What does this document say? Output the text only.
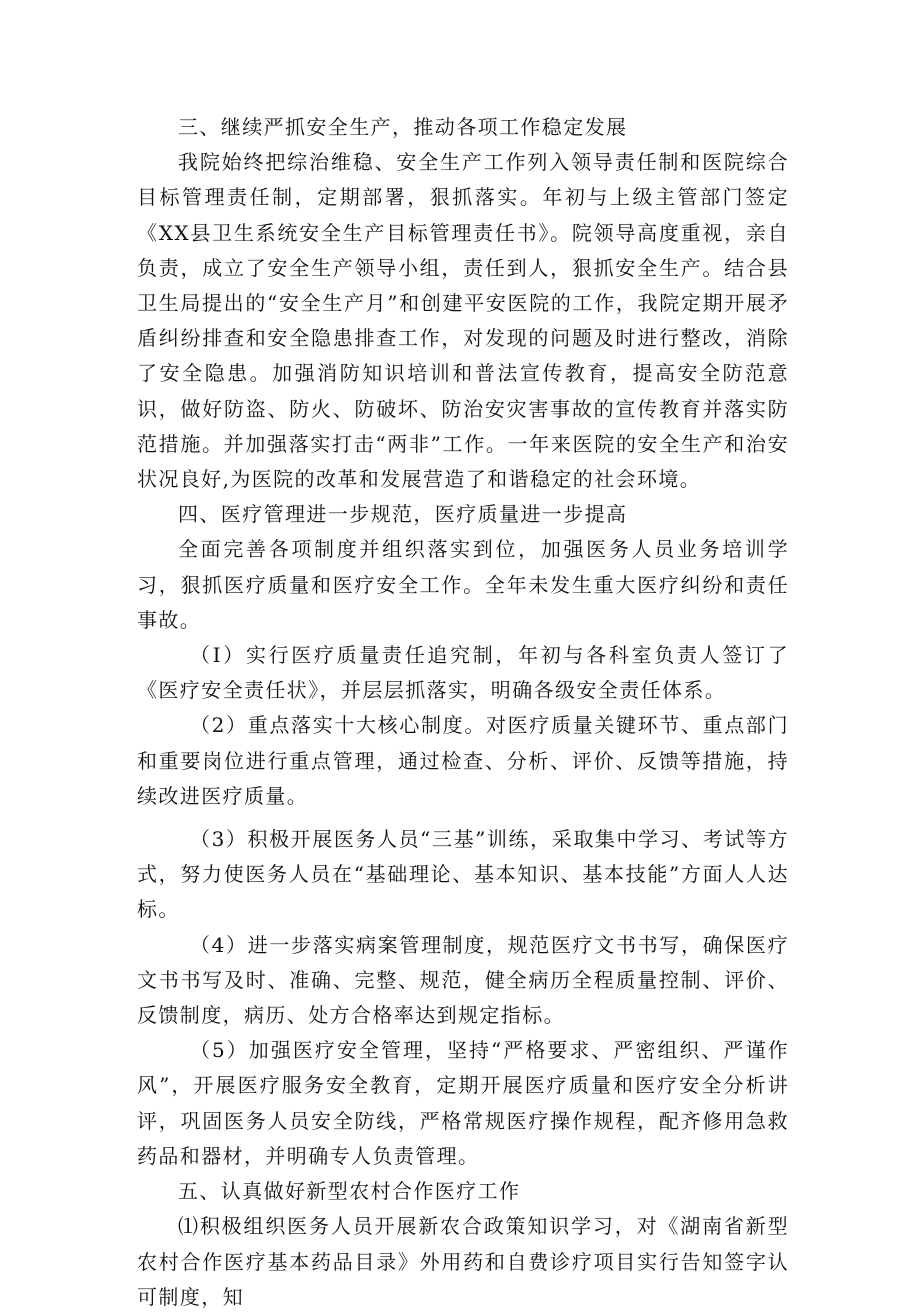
三、继续严抓安全生产，推动各项工作稳定发展

我院始终把综治维稳、安全生产工作列入领导责任制和医院综合目标管理责任制，定期部署，狠抓落实。年初与上级主管部门签定《XX县卫生系统安全生产目标管理责任书》。院领导高度重视，亲自负责，成立了安全生产领导小组，责任到人，狠抓安全生产。结合县卫生局提出的“安全生产月”和创建平安医院的工作，我院定期开展矛盾纠纷排查和安全隐患排查工作，对发现的问题及时进行整改，消除了安全隐患。加强消防知识培训和普法宣传教育，提高安全防范意识，做好防盗、防火、防破坏、防治安灾害事故的宣传教育并落实防范措施。并加强落实打击“两非”工作。一年来医院的安全生产和治安状况良好,为医院的改革和发展营造了和谐稳定的社会环境。

四、医疗管理进一步规范，医疗质量进一步提高

全面完善各项制度并组织落实到位，加强医务人员业务培训学习，狠抓医疗质量和医疗安全工作。全年未发生重大医疗纠纷和责任事故。

（I）实行医疗质量责任追究制，年初与各科室负责人签订了《医疗安全责任状》，并层层抓落实，明确各级安全责任体系。

（2）重点落实十大核心制度。对医疗质量关键环节、重点部门和重要岗位进行重点管理，通过检查、分析、评价、反馈等措施，持续改进医疗质量。

（3）积极开展医务人员“三基”训练，采取集中学习、考试等方式，努力使医务人员在“基础理论、基本知识、基本技能”方面人人达标。

（4）进一步落实病案管理制度，规范医疗文书书写，确保医疗文书书写及时、准确、完整、规范，健全病历全程质量控制、评价、反馈制度，病历、处方合格率达到规定指标。

（5）加强医疗安全管理，坚持“严格要求、严密组织、严谨作风”，开展医疗服务安全教育，定期开展医疗质量和医疗安全分析讲评，巩固医务人员安全防线，严格常规医疗操作规程，配齐修用急救药品和器材，并明确专人负责管理。

五、认真做好新型农村合作医疗工作

⑴积极组织医务人员开展新农合政策知识学习，对《湖南省新型农村合作医疗基本药品目录》外用药和自费诊疗项目实行告知签字认可制度，知
